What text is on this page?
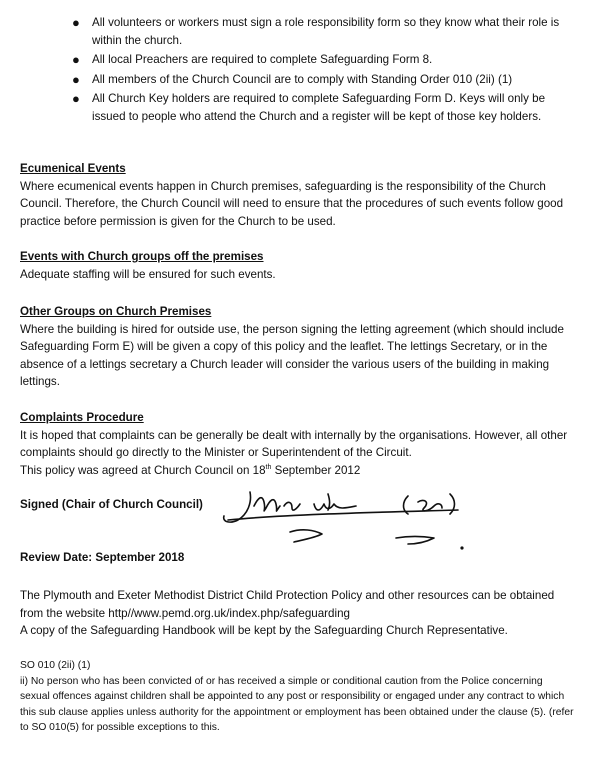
● All volunteers or workers must sign a role responsibility form so they know what their role is within the church.
● All local Preachers are required to complete Safeguarding Form 8.
● All members of the Church Council are to comply with Standing Order 010 (2ii) (1)
● All Church Key holders are required to complete Safeguarding Form D. Keys will only be issued to people who attend the Church and a register will be kept of those key holders.
Ecumenical Events
Where ecumenical events happen in Church premises, safeguarding is the responsibility of the Church Council. Therefore, the Church Council will need to ensure that the procedures of such events follow good practice before permission is given for the Church to be used.
Events with Church groups off the premises
Adequate staffing will be ensured for such events.
Other Groups on Church Premises
Where the building is hired for outside use, the person signing the letting agreement (which should include Safeguarding Form E) will be given a copy of this policy and the leaflet. The lettings Secretary, or in the absence of a lettings secretary a Church leader will consider the various users of the building in making lettings.
Complaints Procedure
It is hoped that complaints can be generally be dealt with internally by the organisations. However, all other complaints should go directly to the Minister or Superintendent of the Circuit.
This policy was agreed at Church Council on 18th September 2012
Signed (Chair of Church Council)
Review Date: September 2018
The Plymouth and Exeter Methodist District Child Protection Policy and other resources can be obtained from the website http//www.pemd.org.uk/index.php/safeguarding
A copy of the Safeguarding Handbook will be kept by the Safeguarding Church Representative.
SO 010 (2ii) (1)
ii) No person who has been convicted of or has received a simple or conditional caution from the Police concerning sexual offences against children shall be appointed to any post or responsibility or engaged under any contract to which this sub clause applies unless authority for the appointment or employment has been obtained under the clause (5). (refer to SO 010(5) for possible exceptions to this.
